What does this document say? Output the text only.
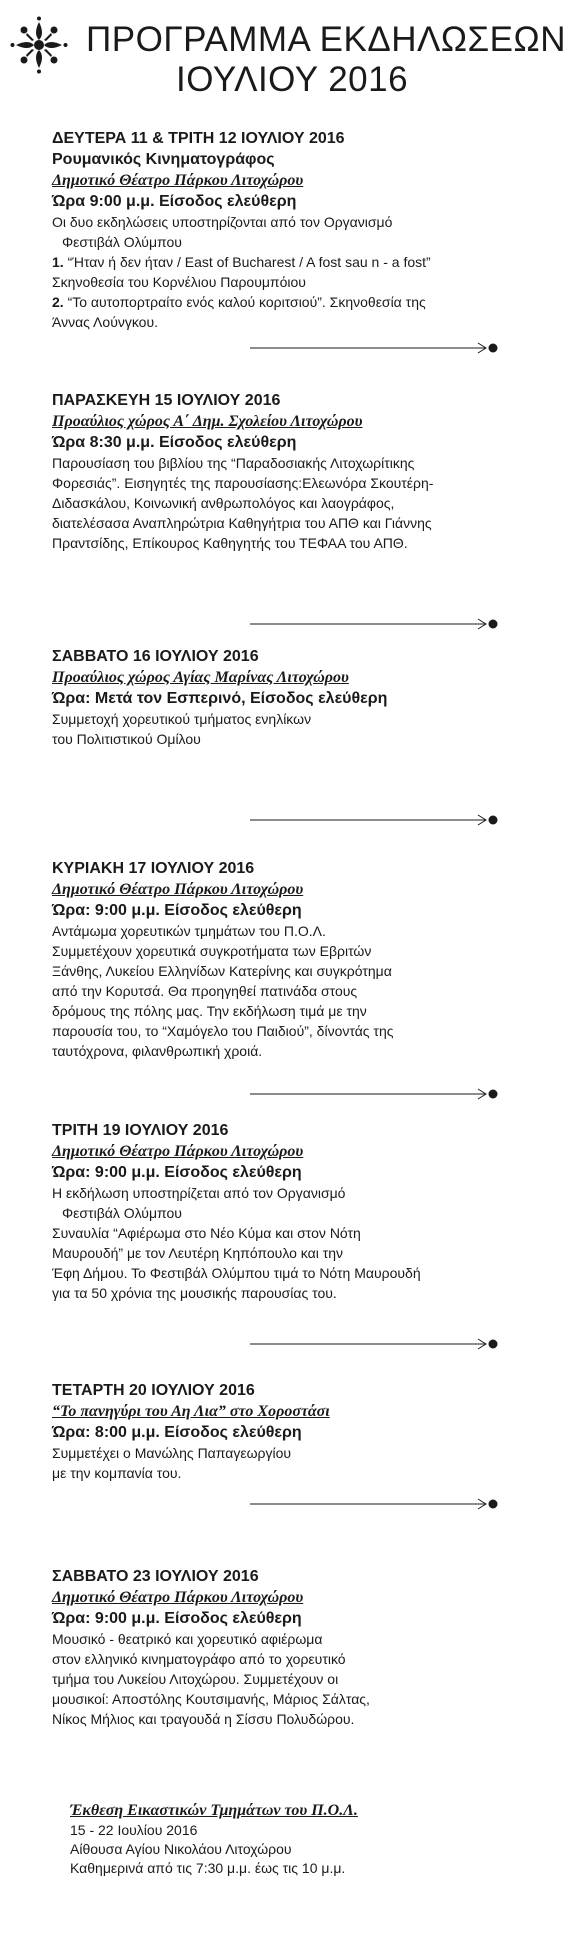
ΠΡΟΓΡΑΜΜΑ ΕΚΔΗΛΩΣΕΩΝ
ΙΟΥΛΙΟΥ 2016
ΔΕΥΤΕΡΑ 11 & ΤΡΙΤΗ 12 ΙΟΥΛΙΟΥ 2016
Ρουμανικός Κινηματογράφος
Δημοτικό Θέατρο Πάρκου Λιτοχώρου
Ώρα 9:00 μ.μ. Είσοδος ελεύθερη

Οι δυο εκδηλώσεις υποστηρίζονται από τον Οργανισμό

Φεστιβάλ Ολύμπου

1. “Ήταν ή δεν ήταν / East of Bucharest / A fost sau n - a fost”

Σκηνοθεσία του Κορνέλιου Παρουμπόιου

2. “Το αυτοπορτραίτο ενός καλού κοριτσιού”. Σκηνοθεσία της

Άννας Λούνγκου.

ΠΑΡΑΣΚΕΥΗ 15 ΙΟΥΛΙΟΥ 2016
Προαύλιος χώρος Α΄ Δημ. Σχολείου Λιτοχώρου
Ώρα 8:30 μ.μ. Είσοδος ελεύθερη

Παρουσίαση του βιβλίου της “Παραδοσιακής Λιτοχωρίτικης

Φορεσιάς”. Εισηγητές της παρουσίασης:Ελεωνόρα Σκουτέρη-

Διδασκάλου, Κοινωνική ανθρωπολόγος και λαογράφος,

διατελέσασα Αναπληρώτρια Καθηγήτρια του ΑΠΘ και Γιάννης

Πραντσίδης, Επίκουρος Καθηγητής του ΤΕΦΑΑ του ΑΠΘ.

ΣΑΒΒΑΤΟ 16 ΙΟΥΛΙΟΥ 2016
Προαύλιος χώρος Αγίας Μαρίνας Λιτοχώρου
Ώρα: Μετά τον Εσπερινό, Είσοδος ελεύθερη

Συμμετοχή χορευτικού τμήματος ενηλίκων

του Πολιτιστικού Ομίλου

ΚΥΡΙΑΚΗ 17 ΙΟΥΛΙΟΥ 2016
Δημοτικό Θέατρο Πάρκου Λιτοχώρου
Ώρα: 9:00 μ.μ. Είσοδος ελεύθερη

Αντάμωμα χορευτικών τμημάτων του Π.Ο.Λ.

Συμμετέχουν χορευτικά συγκροτήματα των Εβριτών

Ξάνθης, Λυκείου Ελληνίδων Κατερίνης και συγκρότημα

από την Κορυτσά. Θα προηγηθεί πατινάδα στους

δρόμους της πόλης μας. Την εκδήλωση τιμά με την

παρουσία του, το “Χαμόγελο του Παιδιού”, δίνοντάς της

ταυτόχρονα, φιλανθρωπική χροιά.

ΤΡΙΤΗ 19 ΙΟΥΛΙΟΥ 2016
Δημοτικό Θέατρο Πάρκου Λιτοχώρου
Ώρα: 9:00 μ.μ. Είσοδος ελεύθερη

Η εκδήλωση υποστηρίζεται από τον Οργανισμό

Φεστιβάλ Ολύμπου

Συναυλία “Αφιέρωμα στο Νέο Κύμα και στον Νότη

Μαυρουδή” με τον Λευτέρη Κηπόπουλο και την

Έφη Δήμου. Το Φεστιβάλ Ολύμπου τιμά το Νότη Μαυρουδή

για τα 50 χρόνια της μουσικής παρουσίας του.

ΤΕΤΑΡΤΗ 20 ΙΟΥΛΙΟΥ 2016
“Το πανηγύρι του Αη Λια” στο Χοροστάσι
Ώρα: 8:00 μ.μ. Είσοδος ελεύθερη

Συμμετέχει ο Μανώλης Παπαγεωργίου

με την κομπανία του.

ΣΑΒΒΑΤΟ 23 ΙΟΥΛΙΟΥ 2016
Δημοτικό Θέατρο Πάρκου Λιτοχώρου
Ώρα: 9:00 μ.μ. Είσοδος ελεύθερη

Μουσικό - θεατρικό και χορευτικό αφιέρωμα

στον ελληνικό κινηματογράφο από το χορευτικό

τμήμα του Λυκείου Λιτοχώρου. Συμμετέχουν οι

μουσικοί: Αποστόλης Κουτσιμανής, Μάριος Σάλτας,

Νίκος Μήλιος και τραγουδά η Σίσσυ Πολυδώρου.

Έκθεση Εικαστικών Τμημάτων του Π.Ο.Λ.
15 - 22 Ιουλίου 2016
Αίθουσα Αγίου Νικολάου Λιτοχώρου
Καθημερινά από τις 7:30 μ.μ. έως τις 10 μ.μ.
